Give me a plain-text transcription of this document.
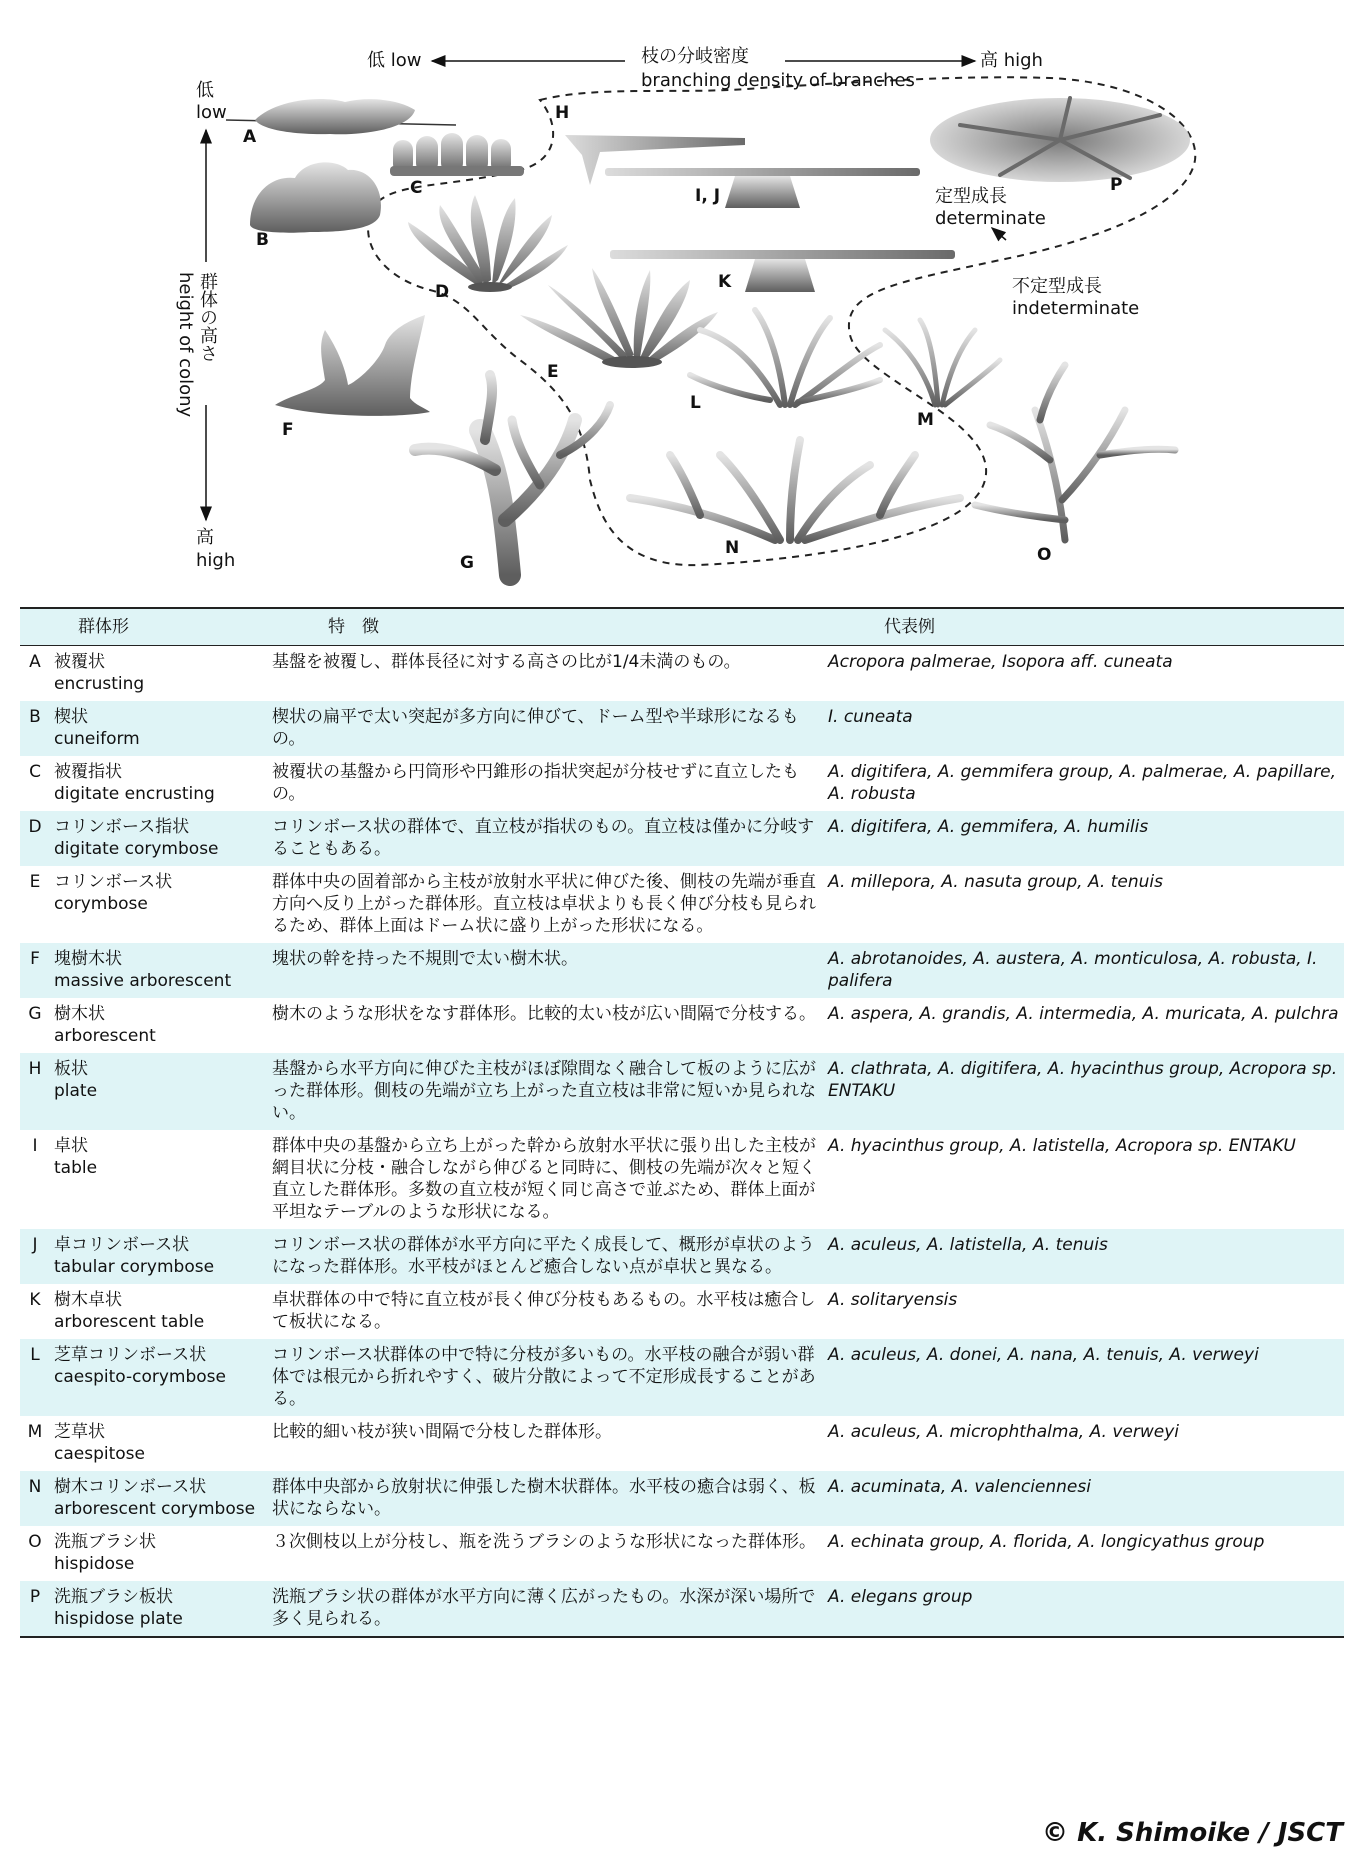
低 low	枝の分岐密度
branching density of branches
高 high
低
low
高
high
群体の高さ
height of colony
定型成長
determinate
不定型成長
indeterminate
A
B
C
D
E
F
G
H
I, J
K
L
M
N	O
P
群体形		特　徴	代表例
A	被覆状
encrusting	基盤を被覆し、群体長径に対する高さの比が1/4未満のもの。	Acropora palmerae, Isopora aff. cuneata
B	楔状
cuneiform	楔状の扁平で太い突起が多方向に伸びて、ドーム型や半球形になるもの。	I. cuneata
C	被覆指状
digitate encrusting	被覆状の基盤から円筒形や円錐形の指状突起が分枝せずに直立したもの。	A. digitifera, A. gemmifera group, A. palmerae, A. papillare, A. robusta
D	コリンボース指状
digitate corymbose	コリンボース状の群体で、直立枝が指状のもの。直立枝は僅かに分岐することもある。	A. digitifera, A. gemmifera, A. humilis
E	コリンボース状
corymbose	群体中央の固着部から主枝が放射水平状に伸びた後、側枝の先端が垂直方向へ反り上がった群体形。直立枝は卓状よりも長く伸び分枝も見られるため、群体上面はドーム状に盛り上がった形状になる。	A. millepora, A. nasuta group, A. tenuis
F	塊樹木状
massive arborescent	塊状の幹を持った不規則で太い樹木状。	A. abrotanoides, A. austera, A. monticulosa, A. robusta, I. palifera
G	樹木状
arborescent	樹木のような形状をなす群体形。比較的太い枝が広い間隔で分枝する。	A. aspera, A. grandis, A. intermedia, A. muricata, A. pulchra
H	板状
plate	基盤から水平方向に伸びた主枝がほぼ隙間なく融合して板のように広がった群体形。側枝の先端が立ち上がった直立枝は非常に短いか見られない。	A. clathrata, A. digitifera, A. hyacinthus group, Acropora sp. ENTAKU
I	卓状
table	群体中央の基盤から立ち上がった幹から放射水平状に張り出した主枝が網目状に分枝・融合しながら伸びると同時に、側枝の先端が次々と短く直立した群体形。多数の直立枝が短く同じ高さで並ぶため、群体上面が平坦なテーブルのような形状になる。	A. hyacinthus group, A. latistella, Acropora sp. ENTAKU
J	卓コリンボース状
tabular corymbose	コリンボース状の群体が水平方向に平たく成長して、概形が卓状のようになった群体形。水平枝がほとんど癒合しない点が卓状と異なる。	A. aculeus, A. latistella, A. tenuis
K	樹木卓状
arborescent table	卓状群体の中で特に直立枝が長く伸び分枝もあるもの。水平枝は癒合して板状になる。	A. solitaryensis
L	芝草コリンボース状
caespito-corymbose	コリンボース状群体の中で特に分枝が多いもの。水平枝の融合が弱い群体では根元から折れやすく、破片分散によって不定形成長することがある。	A. aculeus, A. donei, A. nana, A. tenuis, A. verweyi
M	芝草状
caespitose	比較的細い枝が狭い間隔で分枝した群体形。	A. aculeus, A. microphthalma, A. verweyi
N	樹木コリンボース状
arborescent corymbose	群体中央部から放射状に伸張した樹木状群体。水平枝の癒合は弱く、板状にならない。	A. acuminata, A. valenciennesi
O	洗瓶ブラシ状
hispidose	３次側枝以上が分枝し、瓶を洗うブラシのような形状になった群体形。	A. echinata group, A. florida, A. longicyathus group
P	洗瓶ブラシ板状
hispidose plate	洗瓶ブラシ状の群体が水平方向に薄く広がったもの。水深が深い場所で多く見られる。	A. elegans group
© K. Shimoike / JSCT
